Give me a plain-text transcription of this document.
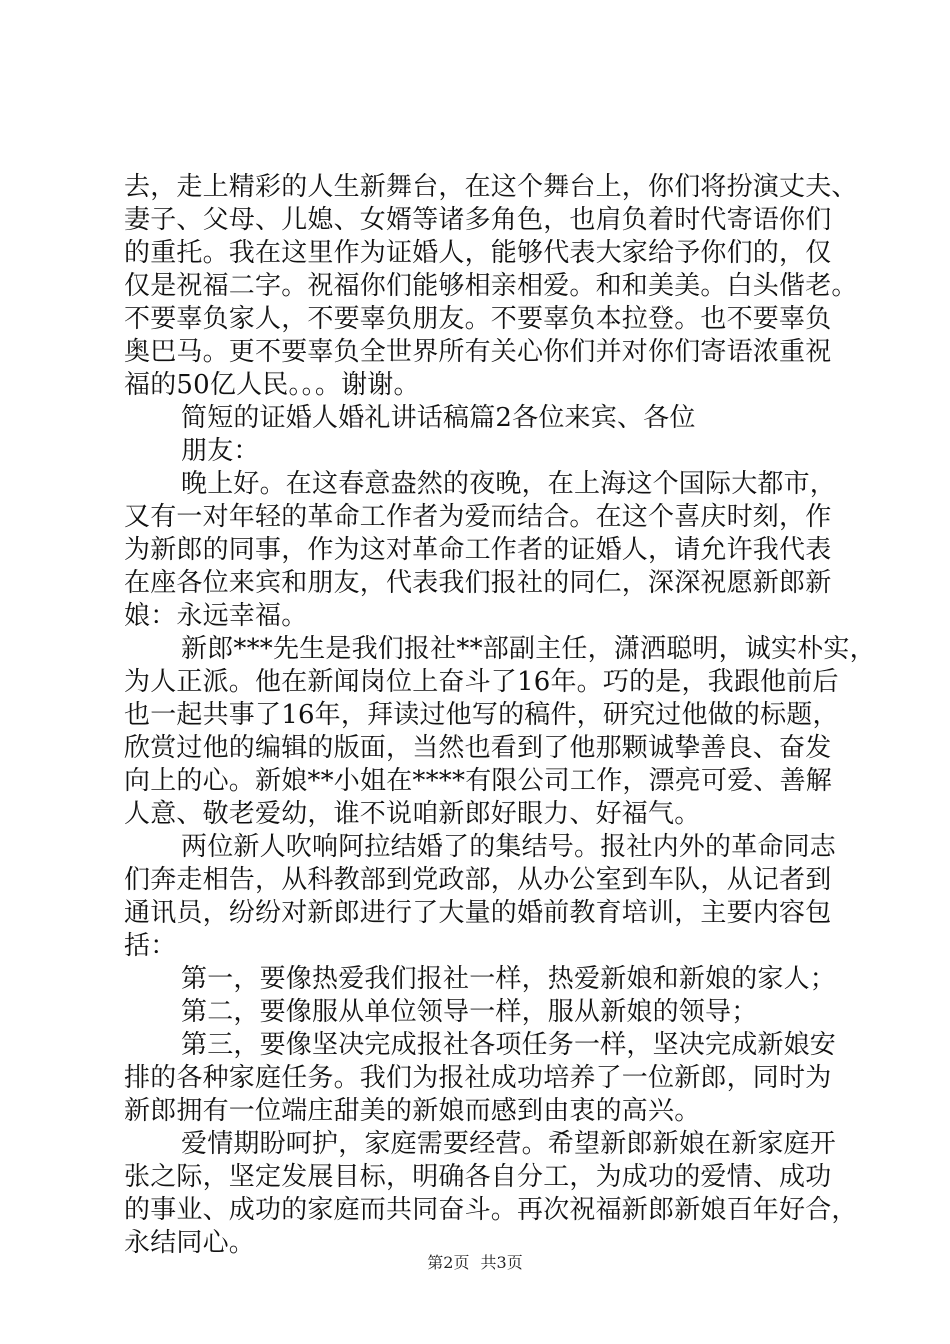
去，走上精彩的人生新舞台，在这个舞台上，你们将扮演丈夫、
妻子、父母、儿媳、女婿等诸多角色，也肩负着时代寄语你们
的重托。我在这里作为证婚人，能够代表大家给予你们的，仅
仅是祝福二字。祝福你们能够相亲相爱。和和美美。白头偕老。
不要辜负家人，不要辜负朋友。不要辜负本拉登。也不要辜负
奥巴马。更不要辜负全世界所有关心你们并对你们寄语浓重祝
福的50亿人民。。。谢谢。
简短的证婚人婚礼讲话稿篇2各位来宾、各位
朋友：
晚上好。在这春意盎然的夜晚，在上海这个国际大都市，
又有一对年轻的革命工作者为爱而结合。在这个喜庆时刻，作
为新郎的同事，作为这对革命工作者的证婚人，请允许我代表
在座各位来宾和朋友，代表我们报社的同仁，深深祝愿新郎新
娘：永远幸福。
新郎***先生是我们报社**部副主任，潇洒聪明，诚实朴实，
为人正派。他在新闻岗位上奋斗了16年。巧的是，我跟他前后
也一起共事了16年，拜读过他写的稿件，研究过他做的标题，
欣赏过他的编辑的版面，当然也看到了他那颗诚挚善良、奋发
向上的心。新娘**小姐在****有限公司工作，漂亮可爱、善解
人意、敬老爱幼，谁不说咱新郎好眼力、好福气。
两位新人吹响阿拉结婚了的集结号。报社内外的革命同志
们奔走相告，从科教部到党政部，从办公室到车队，从记者到
通讯员，纷纷对新郎进行了大量的婚前教育培训，主要内容包
括：
第一，要像热爱我们报社一样，热爱新娘和新娘的家人；
第二，要像服从单位领导一样，服从新娘的领导；
第三，要像坚决完成报社各项任务一样，坚决完成新娘安
排的各种家庭任务。我们为报社成功培养了一位新郎，同时为
新郎拥有一位端庄甜美的新娘而感到由衷的高兴。
爱情期盼呵护，家庭需要经营。希望新郎新娘在新家庭开
张之际，坚定发展目标，明确各自分工，为成功的爱情、成功
的事业、成功的家庭而共同奋斗。再次祝福新郎新娘百年好合，
永结同心。
第2页 共3页
